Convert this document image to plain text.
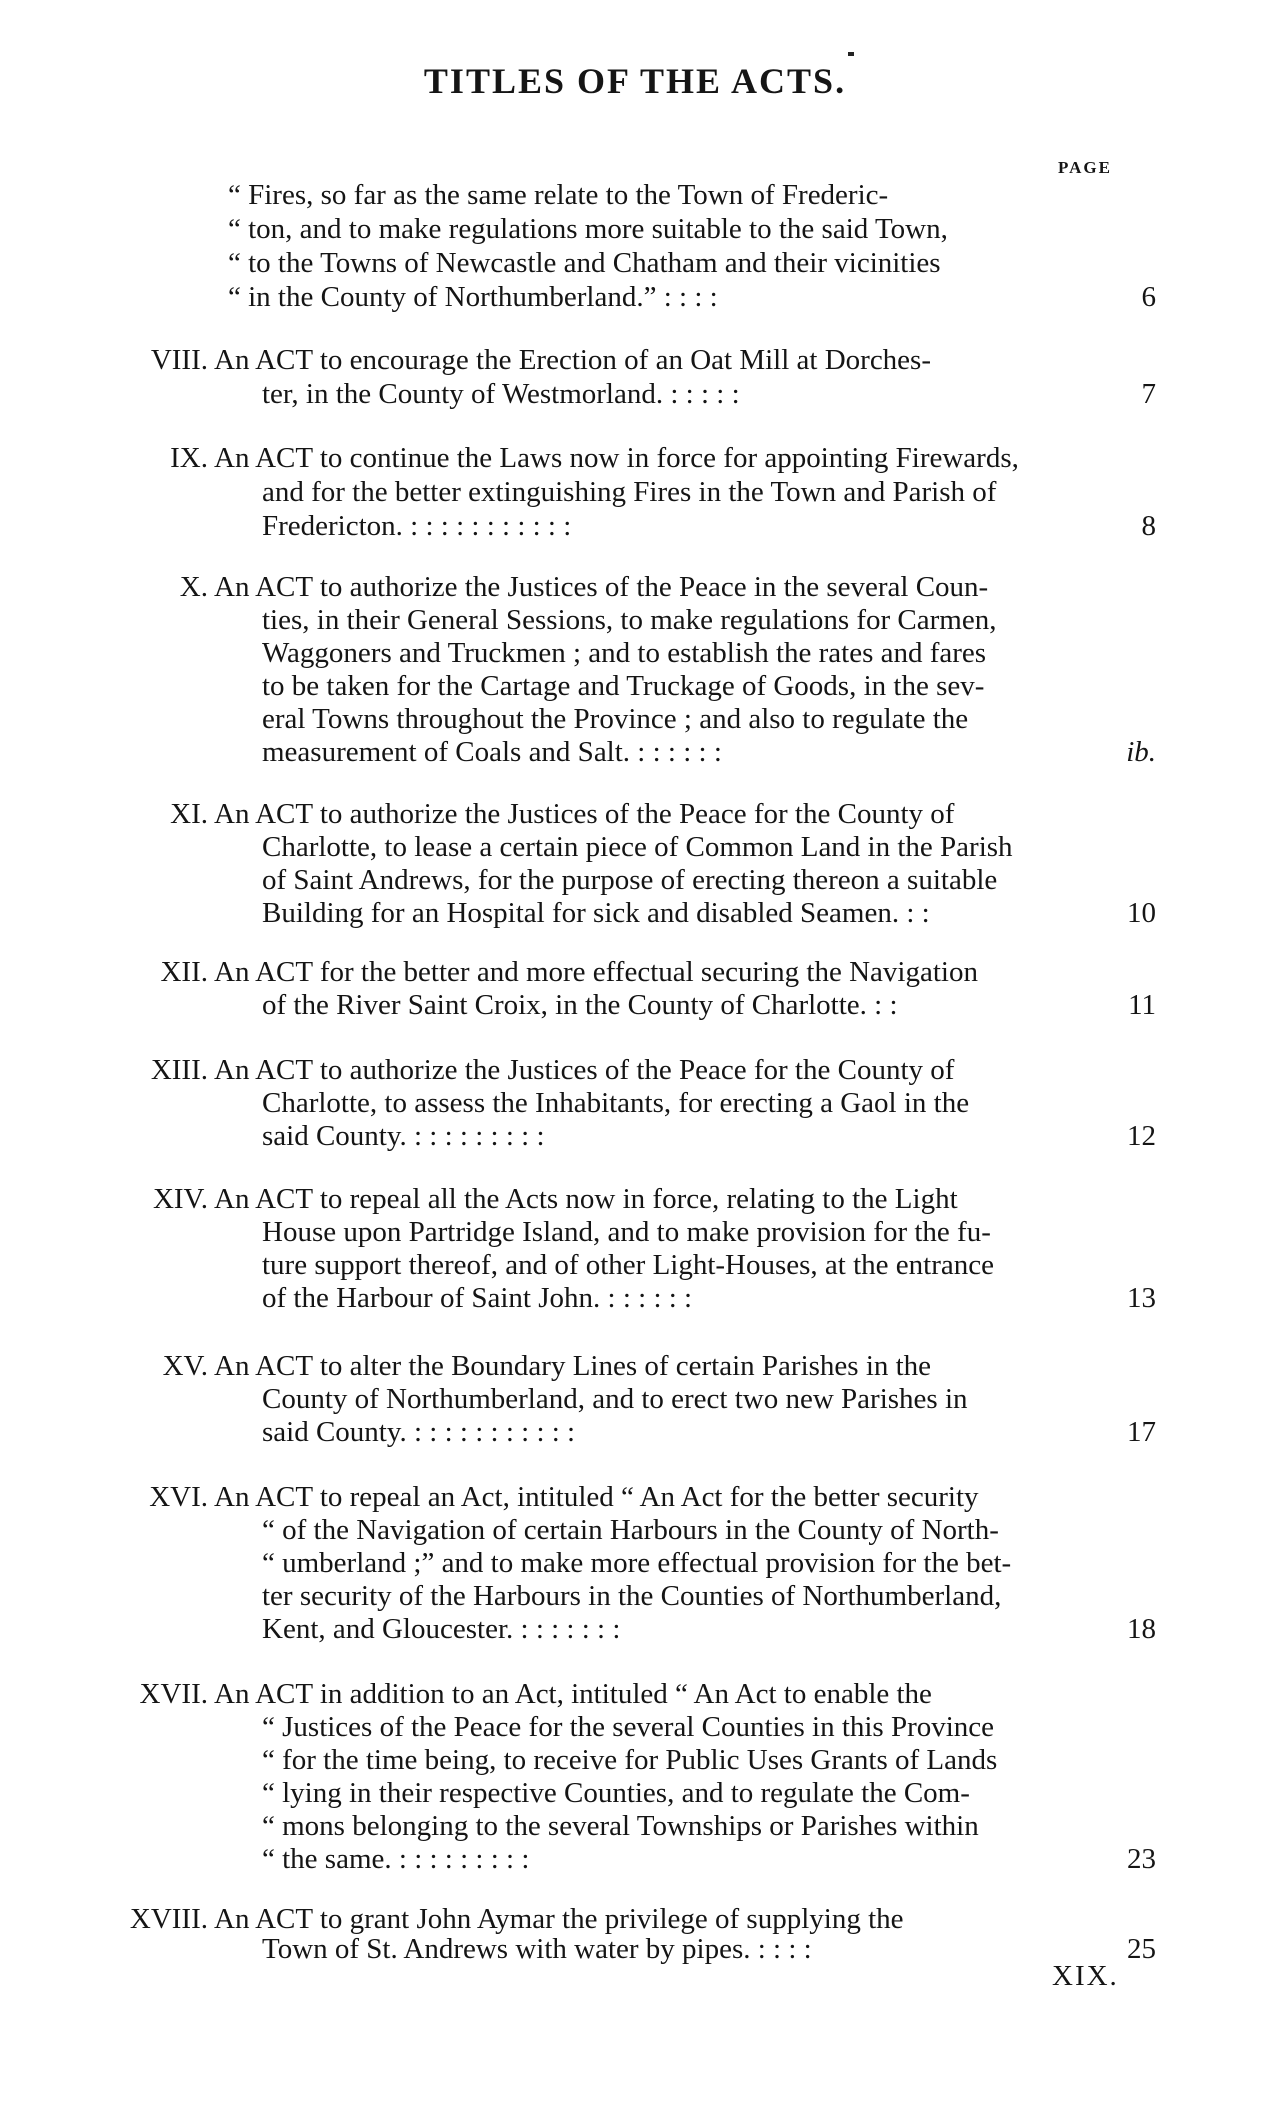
TITLES OF THE ACTS.
PAGE
“ Fires, so far as the same relate to the Town of Frederic-
“ ton, and to make regulations more suitable to the said Town,
“ to the Towns of Newcastle and Chatham and their vicinities
“ in the County of Northumberland.” : : : :	6
VIII. An ACT to encourage the Erection of an Oat Mill at Dorches-
ter, in the County of Westmorland. : : : : :	7
IX. An ACT to continue the Laws now in force for appointing Firewards,
and for the better extinguishing Fires in the Town and Parish of
Fredericton. : : : : : : : : : : :	8
X. An ACT to authorize the Justices of the Peace in the several Coun-
ties, in their General Sessions, to make regulations for Carmen,
Waggoners and Truckmen ; and to establish the rates and fares
to be taken for the Cartage and Truckage of Goods, in the sev-
eral Towns throughout the Province ; and also to regulate the
measurement of Coals and Salt. : : : : : :	ib.
XI. An ACT to authorize the Justices of the Peace for the County of
Charlotte, to lease a certain piece of Common Land in the Parish
of Saint Andrews, for the purpose of erecting thereon a suitable
Building for an Hospital for sick and disabled Seamen. : :	10
XII. An ACT for the better and more effectual securing the Navigation
of the River Saint Croix, in the County of Charlotte. : :	11
XIII. An ACT to authorize the Justices of the Peace for the County of
Charlotte, to assess the Inhabitants, for erecting a Gaol in the
said County. : : : : : : : : :	12
XIV. An ACT to repeal all the Acts now in force, relating to the Light
House upon Partridge Island, and to make provision for the fu-
ture support thereof, and of other Light-Houses, at the entrance
of the Harbour of Saint John. : : : : : :	13
XV. An ACT to alter the Boundary Lines of certain Parishes in the
County of Northumberland, and to erect two new Parishes in
said County. : : : : : : : : : : :	17
XVI. An ACT to repeal an Act, intituled “ An Act for the better security
“ of the Navigation of certain Harbours in the County of North-
“ umberland ;” and to make more effectual provision for the bet-
ter security of the Harbours in the Counties of Northumberland,
Kent, and Gloucester. : : : : : : :	18
XVII. An ACT in addition to an Act, intituled “ An Act to enable the
“ Justices of the Peace for the several Counties in this Province
“ for the time being, to receive for Public Uses Grants of Lands
“ lying in their respective Counties, and to regulate the Com-
“ mons belonging to the several Townships or Parishes within
“ the same. : : : : : : : : :	23
XVIII. An ACT to grant John Aymar the privilege of supplying the
Town of St. Andrews with water by pipes. : : : :	25
XIX.
